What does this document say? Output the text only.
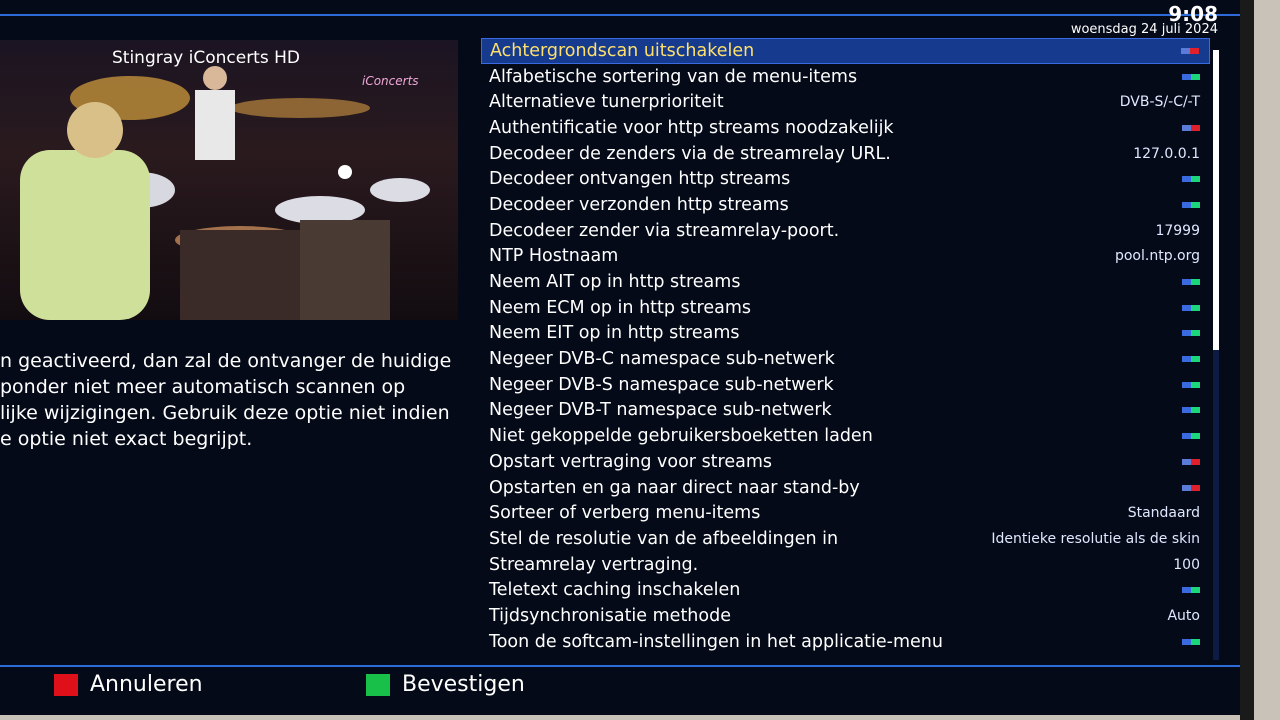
9:08
woensdag 24 juli 2024
Stingray iConcerts HD
iConcerts
n geactiveerd, dan zal de ontvanger de huidige
ponder niet meer automatisch scannen op
lijke wijzigingen. Gebruik deze optie niet indien
e optie niet exact begrijpt.
Achtergrondscan uitschakelen
Alfabetische sortering van de menu-items
Alternatieve tunerprioriteit	DVB-S/-C/-T
Authentificatie voor http streams noodzakelijk
Decodeer de zenders via de streamrelay URL.	127.0.0.1
Decodeer ontvangen http streams
Decodeer verzonden http streams
Decodeer zender via streamrelay-poort.	17999
NTP Hostnaam	pool.ntp.org
Neem AIT op in http streams
Neem ECM op in http streams
Neem EIT op in http streams
Negeer DVB-C namespace sub-netwerk
Negeer DVB-S namespace sub-netwerk
Negeer DVB-T namespace sub-netwerk
Niet gekoppelde gebruikersboeketten laden
Opstart vertraging voor streams
Opstarten en ga naar direct naar stand-by
Sorteer of verberg menu-items	Standaard
Stel de resolutie van de afbeeldingen in	Identieke resolutie als de skin
Streamrelay vertraging.	100
Teletext caching inschakelen
Tijdsynchronisatie methode	Auto
Toon de softcam-instellingen in het applicatie-menu
Annuleren	Bevestigen
